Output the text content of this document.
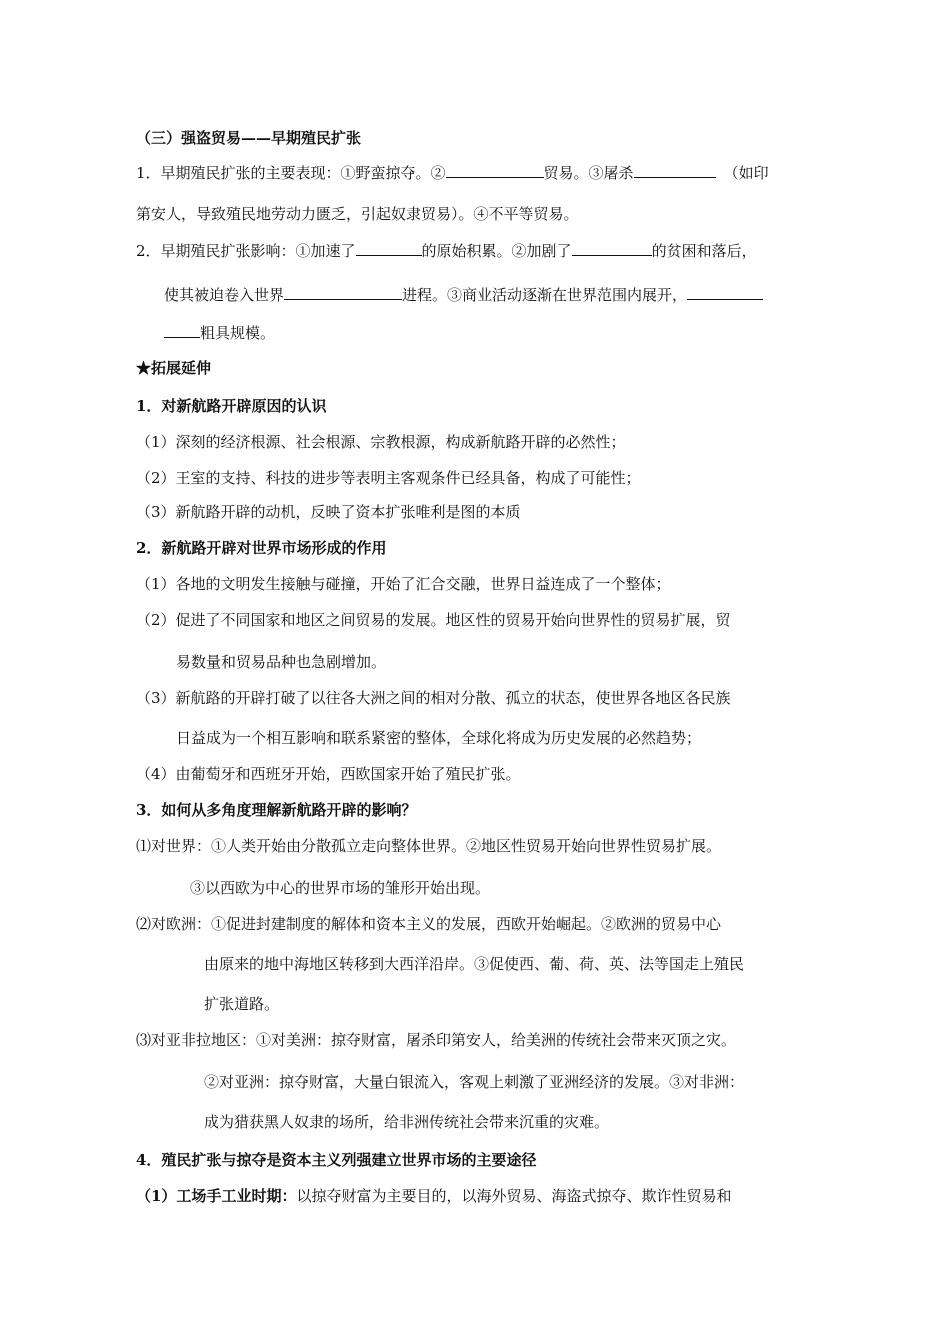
（三）强盗贸易——早期殖民扩张
1．早期殖民扩张的主要表现：①野蛮掠夺。②	贸易。③屠杀	（如印
第安人，导致殖民地劳动力匮乏，引起奴隶贸易）。④不平等贸易。
2．早期殖民扩张影响：①加速了	的原始积累。②加剧了	的贫困和落后，
使其被迫卷入世界	进程。③商业活动逐渐在世界范围内展开，
粗具规模。
★拓展延伸
1．对新航路开辟原因的认识
（1）深刻的经济根源、社会根源、宗教根源，构成新航路开辟的必然性；
（2）王室的支持、科技的进步等表明主客观条件已经具备，构成了可能性；
（3）新航路开辟的动机，反映了资本扩张唯利是图的本质
2．新航路开辟对世界市场形成的作用
（1）各地的文明发生接触与碰撞，开始了汇合交融，世界日益连成了一个整体；
（2）促进了不同国家和地区之间贸易的发展。地区性的贸易开始向世界性的贸易扩展，贸
易数量和贸易品种也急剧增加。
（3）新航路的开辟打破了以往各大洲之间的相对分散、孤立的状态，使世界各地区各民族
日益成为一个相互影响和联系紧密的整体，全球化将成为历史发展的必然趋势；
（4）由葡萄牙和西班牙开始，西欧国家开始了殖民扩张。
3．如何从多角度理解新航路开辟的影响？
⑴对世界：①人类开始由分散孤立走向整体世界。②地区性贸易开始向世界性贸易扩展。
③以西欧为中心的世界市场的雏形开始出现。
⑵对欧洲：①促进封建制度的解体和资本主义的发展，西欧开始崛起。②欧洲的贸易中心
由原来的地中海地区转移到大西洋沿岸。③促使西、葡、荷、英、法等国走上殖民
扩张道路。
⑶对亚非拉地区：①对美洲：掠夺财富，屠杀印第安人，给美洲的传统社会带来灭顶之灾。
②对亚洲：掠夺财富，大量白银流入，客观上刺激了亚洲经济的发展。③对非洲：
成为猎获黑人奴隶的场所，给非洲传统社会带来沉重的灾难。
4．殖民扩张与掠夺是资本主义列强建立世界市场的主要途径
（1）工场手工业时期：以掠夺财富为主要目的，以海外贸易、海盗式掠夺、欺诈性贸易和
